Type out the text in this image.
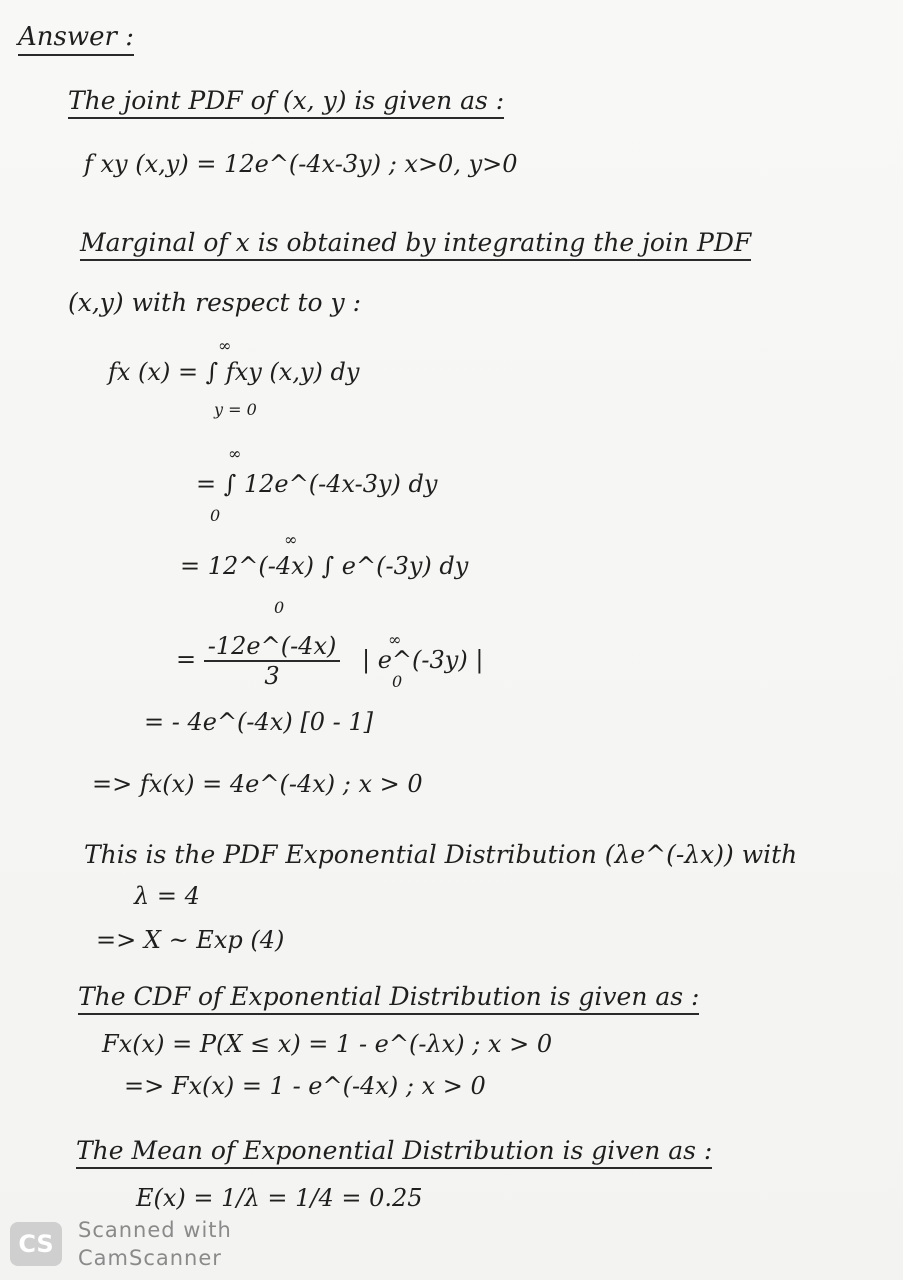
Answer :
The joint PDF of (x, y) is given as :
f xy (x,y) = 12e^(-4x-3y) ; x>0, y>0
Marginal of x is obtained by integrating the join PDF
(x,y) with respect to y :
fx (x) = ∫ fxy (x,y) dy
∞
y = 0
= ∫ 12e^(-4x-3y) dy
∞
0
= 12^(-4x) ∫ e^(-3y) dy
∞
0
= $\frac{-12e\^{}(-4x)}{3}$ | e^(-3y) |
∞
0
= - 4e^(-4x) [0 - 1]
=> fx(x) = 4e^(-4x) ; x > 0
This is the PDF Exponential Distribution (λe^(-λx)) with
λ = 4
=> X ~ Exp (4)
The CDF of Exponential Distribution is given as :
Fx(x) = P(X ≤ x) = 1 - e^(-λx) ; x > 0
=> Fx(x) = 1 - e^(-4x) ; x > 0
The Mean of Exponential Distribution is given as :
E(x) = 1/λ = 1/4 = 0.25
CS Scanned with
CamScanner
